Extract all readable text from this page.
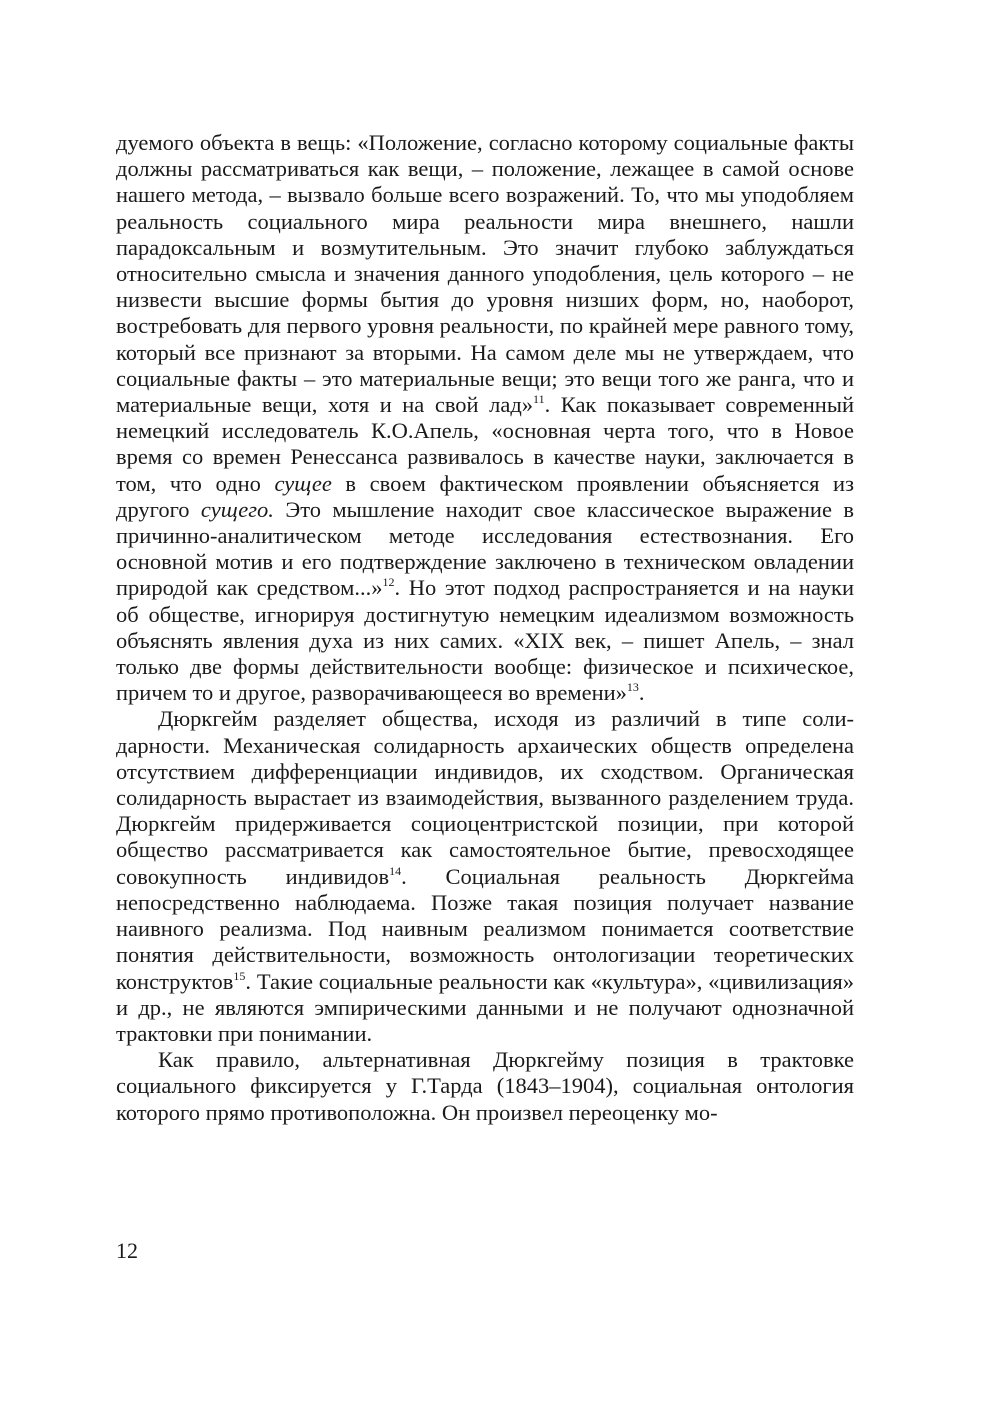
дуемого объекта в вещь: «Положение, согласно которому социальные факты должны рассматриваться как вещи, – положение, лежащее в самой основе нашего метода, – вызвало больше всего возражений. То, что мы уподобляем реальность социального мира реальности мира внешнего, нашли парадоксальным и возмутительным. Это значит глубоко заблуждаться относительно смысла и значения данного уподобления, цель которого – не низвести высшие формы бытия до уровня низших форм, но, наоборот, востребовать для первого уровня реальности, по крайней мере равного тому, который все признают за вторыми. На самом деле мы не утверждаем, что социальные факты – это материальные вещи; это вещи того же ранга, что и материальные вещи, хотя и на свой лад»$^{11}$. Как показывает современный немецкий исследователь К.О.Апель, «основная черта того, что в Новое время со времен Ренессанса развивалось в качестве науки, заключается в том, что одно сущее в своем фактическом проявлении объясняется из другого сущего. Это мышление находит свое классическое выражение в причинно-аналитическом методе исследования естествознания. Его основной мотив и его подтверждение заключено в техническом овладении природой как средством...»$^{12}$. Но этот подход распространяется и на науки об обществе, игнорируя достигнутую немецким идеализмом возможность объяснять явления духа из них самих. «XIX век, – пишет Апель, – знал только две формы действительности вообще: физическое и психическое, причем то и другое, разворачивающееся во времени»$^{13}$.

Дюркгейм разделяет общества, исходя из различий в типе солидарности. Механическая солидарность архаических обществ определена отсутствием дифференциации индивидов, их сходством. Органическая солидарность вырастает из взаимодействия, вызванного разделением труда. Дюркгейм придерживается социоцентристской позиции, при которой общество рассматривается как самостоятельное бытие, превосходящее совокупность индивидов$^{14}$. Социальная реальность Дюркгейма непосредственно наблюдаема. Позже такая позиция получает название наивного реализма. Под наивным реализмом понимается соответствие понятия действительности, возможность онтологизации теоретических конструктов$^{15}$. Такие социальные реальности как «культура», «цивилизация» и др., не являются эмпирическими данными и не получают однозначной трактовки при понимании.

Как правило, альтернативная Дюркгейму позиция в трактовке социального фиксируется у Г.Тарда (1843–1904), социальная онтология которого прямо противоположна. Он произвел переоценку мо-

12
